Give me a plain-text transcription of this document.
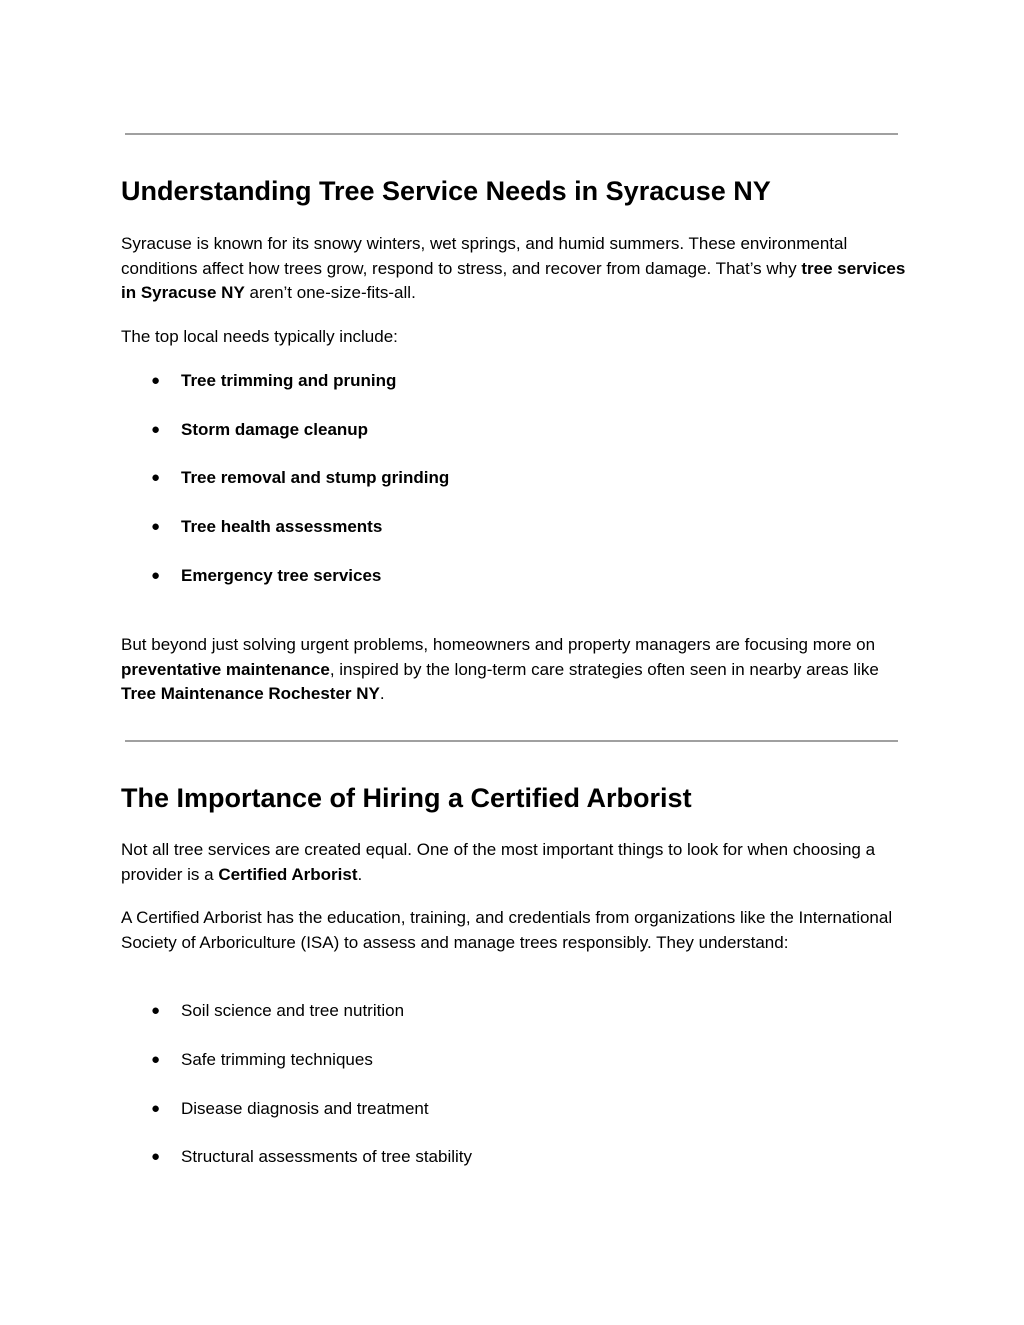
Understanding Tree Service Needs in Syracuse NY

Syracuse is known for its snowy winters, wet springs, and humid summers. These environmental conditions affect how trees grow, respond to stress, and recover from damage. That’s why tree services in Syracuse NY aren’t one-size-fits-all.

The top local needs typically include:

● Tree trimming and pruning
● Storm damage cleanup
● Tree removal and stump grinding
● Tree health assessments
● Emergency tree services

But beyond just solving urgent problems, homeowners and property managers are focusing more on preventative maintenance, inspired by the long-term care strategies often seen in nearby areas like Tree Maintenance Rochester NY.

The Importance of Hiring a Certified Arborist

Not all tree services are created equal. One of the most important things to look for when choosing a provider is a Certified Arborist.

A Certified Arborist has the education, training, and credentials from organizations like the International Society of Arboriculture (ISA) to assess and manage trees responsibly. They understand:

● Soil science and tree nutrition
● Safe trimming techniques
● Disease diagnosis and treatment
● Structural assessments of tree stability
